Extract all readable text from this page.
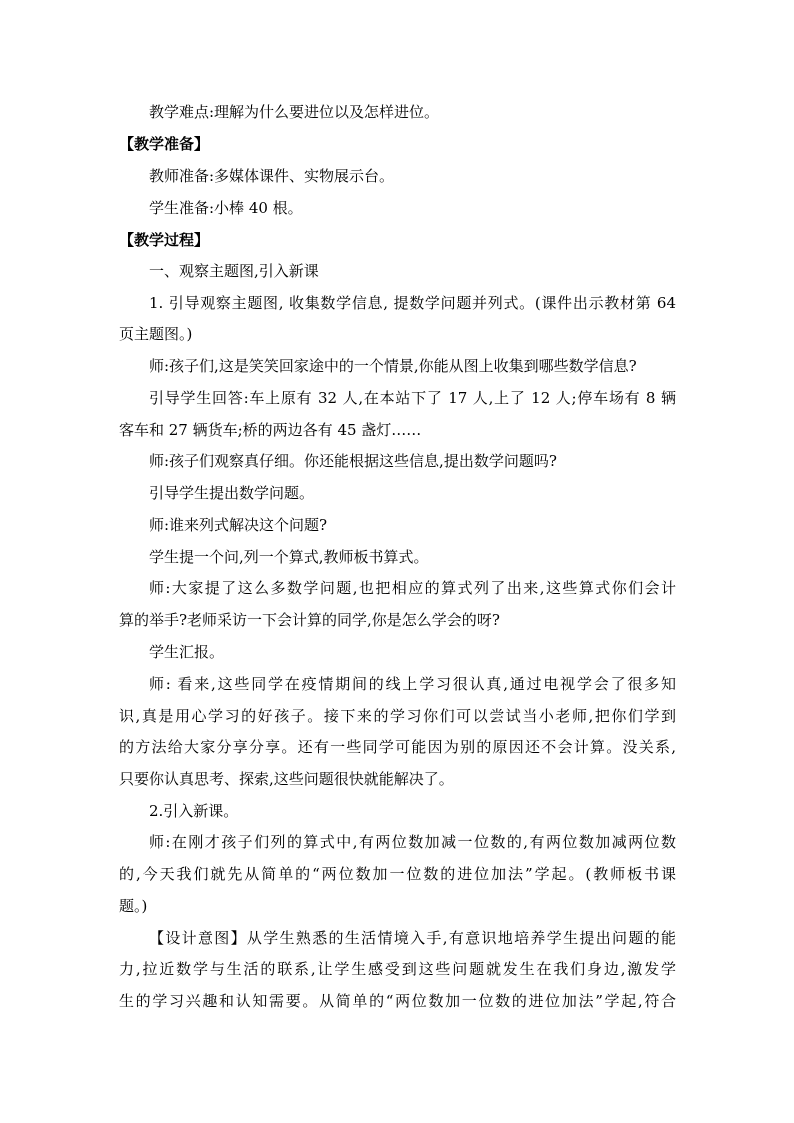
教学难点:理解为什么要进位以及怎样进位。
【教学准备】
教师准备:多媒体课件、实物展示台。
学生准备:小棒 40 根。
【教学过程】
一、观察主题图,引入新课
1. 引导观察主题图, 收集数学信息, 提数学问题并列式。(课件出示教材第 64
页主题图。)
师:孩子们,这是笑笑回家途中的一个情景,你能从图上收集到哪些数学信息?
引导学生回答:车上原有 32 人,在本站下了 17 人,上了 12 人;停车场有 8 辆
客车和 27 辆货车;桥的两边各有 45 盏灯……
师:孩子们观察真仔细。你还能根据这些信息,提出数学问题吗?
引导学生提出数学问题。
师:谁来列式解决这个问题?
学生提一个问,列一个算式,教师板书算式。
师:大家提了这么多数学问题,也把相应的算式列了出来,这些算式你们会计
算的举手?老师采访一下会计算的同学,你是怎么学会的呀?
学生汇报。
师: 看来,这些同学在疫情期间的线上学习很认真,通过电视学会了很多知
识,真是用心学习的好孩子。接下来的学习你们可以尝试当小老师,把你们学到
的方法给大家分享分享。还有一些同学可能因为别的原因还不会计算。没关系,
只要你认真思考、探索,这些问题很快就能解决了。
2.引入新课。
师:在刚才孩子们列的算式中,有两位数加减一位数的,有两位数加减两位数
的,今天我们就先从简单的“两位数加一位数的进位加法”学起。(教师板书课
题。)
【设计意图】从学生熟悉的生活情境入手,有意识地培养学生提出问题的能
力,拉近数学与生活的联系,让学生感受到这些问题就发生在我们身边,激发学
生的学习兴趣和认知需要。从简单的“两位数加一位数的进位加法”学起,符合
